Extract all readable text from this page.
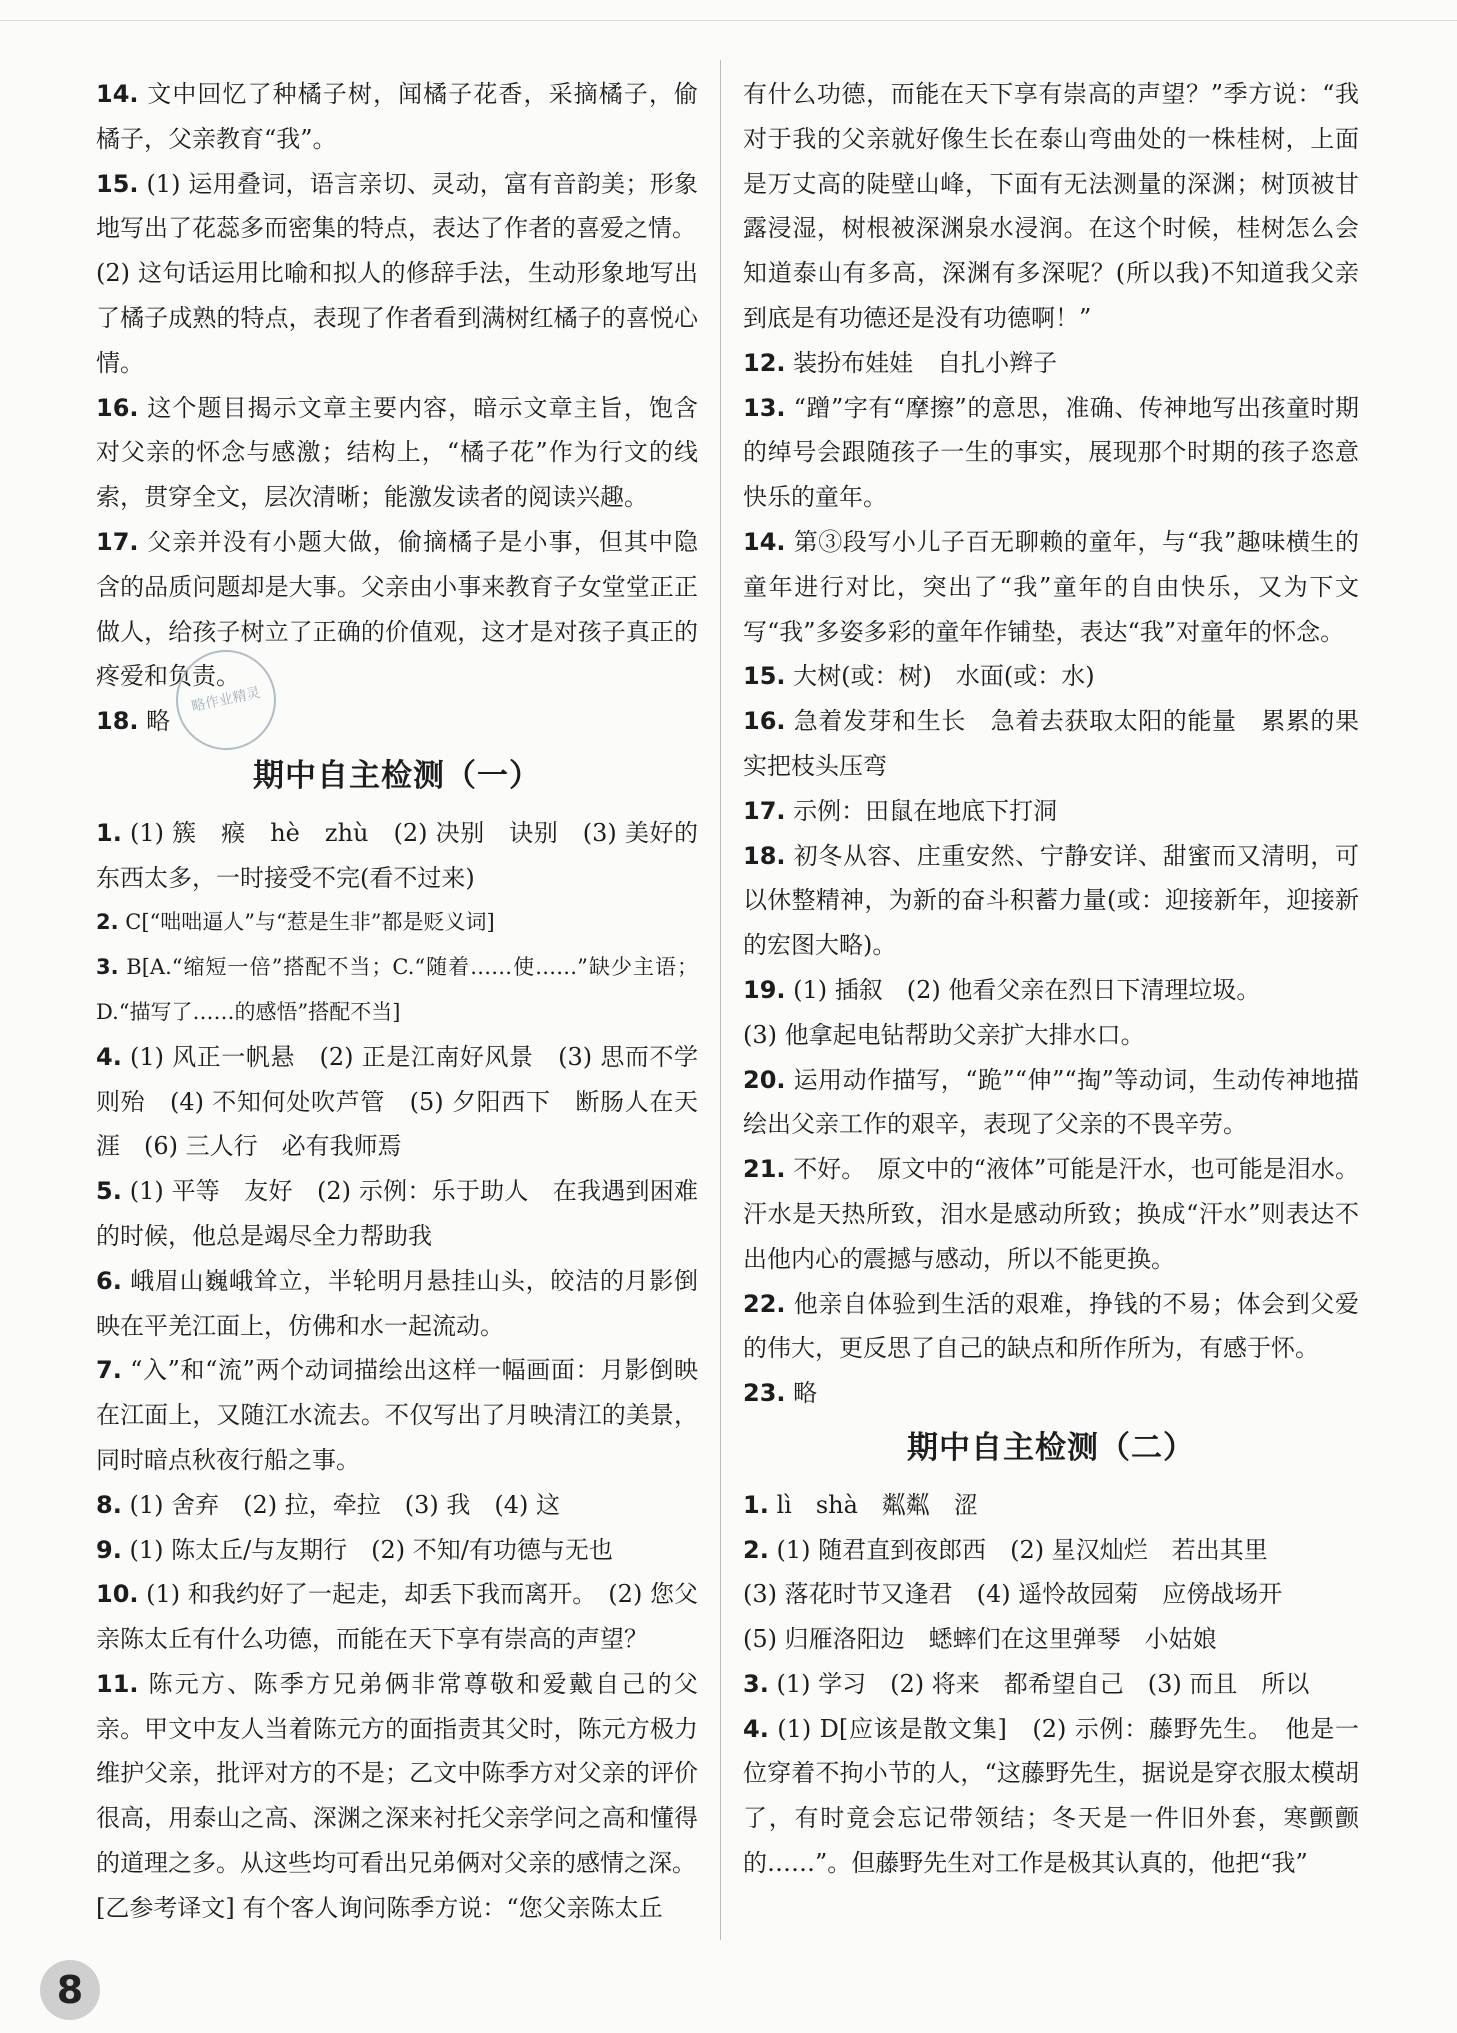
14. 文中回忆了种橘子树，闻橘子花香，采摘橘子，偷橘子，父亲教育“我”。

15. (1) 运用叠词，语言亲切、灵动，富有音韵美；形象地写出了花蕊多而密集的特点，表达了作者的喜爱之情。

(2) 这句话运用比喻和拟人的修辞手法，生动形象地写出了橘子成熟的特点，表现了作者看到满树红橘子的喜悦心情。

16. 这个题目揭示文章主要内容，暗示文章主旨，饱含对父亲的怀念与感激；结构上，“橘子花”作为行文的线索，贯穿全文，层次清晰；能激发读者的阅读兴趣。

17. 父亲并没有小题大做，偷摘橘子是小事，但其中隐含的品质问题却是大事。父亲由小事来教育子女堂堂正正做人，给孩子树立了正确的价值观，这才是对孩子真正的疼爱和负责。

18. 略

期中自主检测（一）

1. (1) 簇　瘊　hè　zhù　(2) 决别　诀别　(3) 美好的东西太多，一时接受不完(看不过来)

2. C[“咄咄逼人”与“惹是生非”都是贬义词]

3. B[A.“缩短一倍”搭配不当；C.“随着……使……”缺少主语；D.“描写了……的感悟”搭配不当]

4. (1) 风正一帆悬　(2) 正是江南好风景　(3) 思而不学则殆　(4) 不知何处吹芦管　(5) 夕阳西下　断肠人在天涯　(6) 三人行　必有我师焉

5. (1) 平等　友好　(2) 示例：乐于助人　在我遇到困难的时候，他总是竭尽全力帮助我

6. 峨眉山巍峨耸立，半轮明月悬挂山头，皎洁的月影倒映在平羌江面上，仿佛和水一起流动。

7. “入”和“流”两个动词描绘出这样一幅画面：月影倒映在江面上，又随江水流去。不仅写出了月映清江的美景，同时暗点秋夜行船之事。

8. (1) 舍弃　(2) 拉，牵拉　(3) 我　(4) 这

9. (1) 陈太丘/与友期行　(2) 不知/有功德与无也

10. (1) 和我约好了一起走，却丢下我而离开。　(2) 您父亲陈太丘有什么功德，而能在天下享有崇高的声望？

11. 陈元方、陈季方兄弟俩非常尊敬和爱戴自己的父亲。甲文中友人当着陈元方的面指责其父时，陈元方极力维护父亲，批评对方的不是；乙文中陈季方对父亲的评价很高，用泰山之高、深渊之深来衬托父亲学问之高和懂得的道理之多。从这些均可看出兄弟俩对父亲的感情之深。

[乙参考译文] 有个客人询问陈季方说：“您父亲陈太丘

有什么功德，而能在天下享有崇高的声望？”季方说：“我对于我的父亲就好像生长在泰山弯曲处的一株桂树，上面是万丈高的陡壁山峰，下面有无法测量的深渊；树顶被甘露浸湿，树根被深渊泉水浸润。在这个时候，桂树怎么会知道泰山有多高，深渊有多深呢？(所以我)不知道我父亲到底是有功德还是没有功德啊！”

12. 装扮布娃娃　自扎小辫子

13. “蹭”字有“摩擦”的意思，准确、传神地写出孩童时期的绰号会跟随孩子一生的事实，展现那个时期的孩子恣意快乐的童年。

14. 第③段写小儿子百无聊赖的童年，与“我”趣味横生的童年进行对比，突出了“我”童年的自由快乐，又为下文写“我”多姿多彩的童年作铺垫，表达“我”对童年的怀念。

15. 大树(或：树)　水面(或：水)

16. 急着发芽和生长　急着去获取太阳的能量　累累的果实把枝头压弯

17. 示例：田鼠在地底下打洞

18. 初冬从容、庄重安然、宁静安详、甜蜜而又清明，可以休整精神，为新的奋斗积蓄力量(或：迎接新年，迎接新的宏图大略)。

19. (1) 插叙　(2) 他看父亲在烈日下清理垃圾。

(3) 他拿起电钻帮助父亲扩大排水口。

20. 运用动作描写，“跪”“伸”“掏”等动词，生动传神地描绘出父亲工作的艰辛，表现了父亲的不畏辛劳。

21. 不好。　原文中的“液体”可能是汗水，也可能是泪水。汗水是天热所致，泪水是感动所致；换成“汗水”则表达不出他内心的震撼与感动，所以不能更换。

22. 他亲自体验到生活的艰难，挣钱的不易；体会到父爱的伟大，更反思了自己的缺点和所作所为，有感于怀。

23. 略

期中自主检测（二）

1. lì　shà　粼粼　涩

2. (1) 随君直到夜郎西　(2) 星汉灿烂　若出其里

(3) 落花时节又逢君　(4) 遥怜故园菊　应傍战场开

(5) 归雁洛阳边　蟋蟀们在这里弹琴　小姑娘

3. (1) 学习　(2) 将来　都希望自己　(3) 而且　所以

4. (1) D[应该是散文集]　(2) 示例：藤野先生。　他是一位穿着不拘小节的人，“这藤野先生，据说是穿衣服太模胡了，有时竟会忘记带领结；冬天是一件旧外套，寒颤颤的……”。但藤野先生对工作是极其认真的，他把“我”

略作业精灵
8
